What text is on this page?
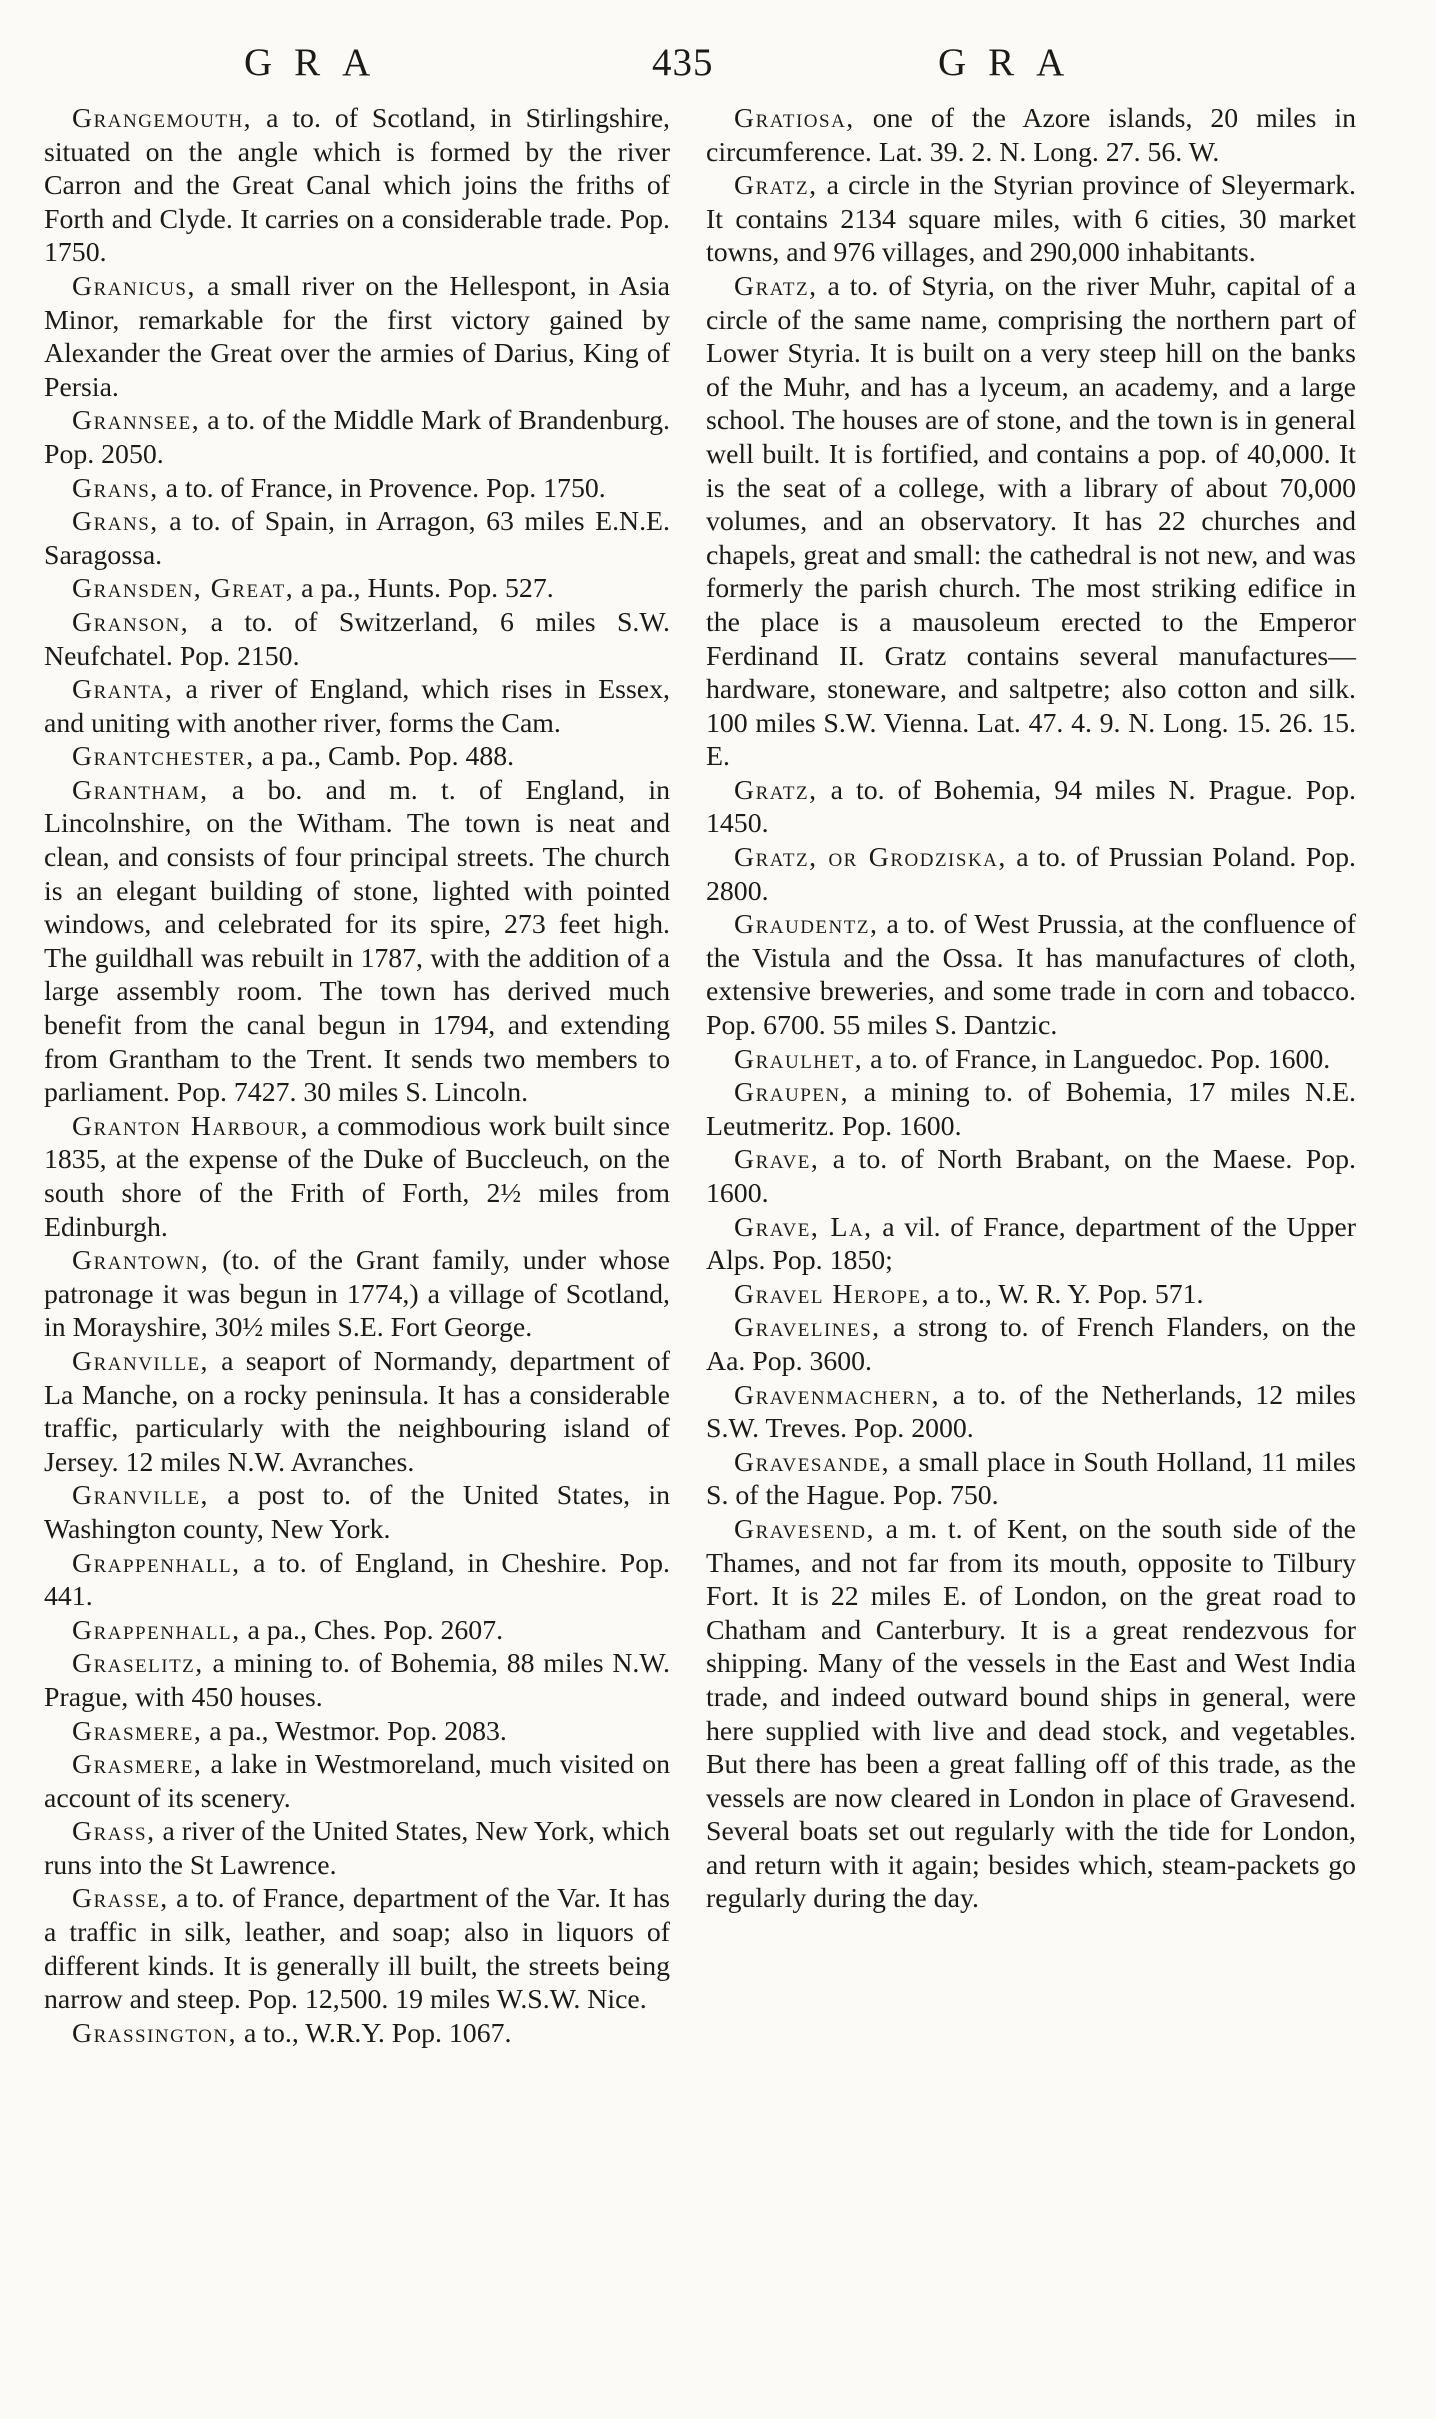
GRA	435	GRA

Grangemouth, a to. of Scotland, in Stirlingshire, situated on the angle which is formed by the river Carron and the Great Canal which joins the friths of Forth and Clyde. It carries on a considerable trade. Pop. 1750.

Granicus, a small river on the Hellespont, in Asia Minor, remarkable for the first victory gained by Alexander the Great over the armies of Darius, King of Persia.

Grannsee, a to. of the Middle Mark of Brandenburg. Pop. 2050.

Grans, a to. of France, in Provence. Pop. 1750.

Grans, a to. of Spain, in Arragon, 63 miles E.N.E. Saragossa.

Gransden, Great, a pa., Hunts. Pop. 527.

Granson, a to. of Switzerland, 6 miles S.W. Neufchatel. Pop. 2150.

Granta, a river of England, which rises in Essex, and uniting with another river, forms the Cam.

Grantchester, a pa., Camb. Pop. 488.

Grantham, a bo. and m. t. of England, in Lincolnshire, on the Witham. The town is neat and clean, and consists of four principal streets. The church is an elegant building of stone, lighted with pointed windows, and celebrated for its spire, 273 feet high. The guildhall was rebuilt in 1787, with the addition of a large assembly room. The town has derived much benefit from the canal begun in 1794, and extending from Grantham to the Trent. It sends two members to parliament. Pop. 7427. 30 miles S. Lincoln.

Granton Harbour, a commodious work built since 1835, at the expense of the Duke of Buccleuch, on the south shore of the Frith of Forth, 2½ miles from Edinburgh.

Grantown, (to. of the Grant family, under whose patronage it was begun in 1774,) a village of Scotland, in Morayshire, 30½ miles S.E. Fort George.

Granville, a seaport of Normandy, department of La Manche, on a rocky peninsula. It has a considerable traffic, particularly with the neighbouring island of Jersey. 12 miles N.W. Avranches.

Granville, a post to. of the United States, in Washington county, New York.

Grappenhall, a to. of England, in Cheshire. Pop. 441.

Grappenhall, a pa., Ches. Pop. 2607.

Graselitz, a mining to. of Bohemia, 88 miles N.W. Prague, with 450 houses.

Grasmere, a pa., Westmor. Pop. 2083.

Grasmere, a lake in Westmoreland, much visited on account of its scenery.

Grass, a river of the United States, New York, which runs into the St Lawrence.

Grasse, a to. of France, department of the Var. It has a traffic in silk, leather, and soap; also in liquors of different kinds. It is generally ill built, the streets being narrow and steep. Pop. 12,500. 19 miles W.S.W. Nice.

Grassington, a to., W.R.Y. Pop. 1067.

Gratiosa, one of the Azore islands, 20 miles in circumference. Lat. 39. 2. N. Long. 27. 56. W.

Gratz, a circle in the Styrian province of Sleyermark. It contains 2134 square miles, with 6 cities, 30 market towns, and 976 villages, and 290,000 inhabitants.

Gratz, a to. of Styria, on the river Muhr, capital of a circle of the same name, comprising the northern part of Lower Styria. It is built on a very steep hill on the banks of the Muhr, and has a lyceum, an academy, and a large school. The houses are of stone, and the town is in general well built. It is fortified, and contains a pop. of 40,000. It is the seat of a college, with a library of about 70,000 volumes, and an observatory. It has 22 churches and chapels, great and small: the cathedral is not new, and was formerly the parish church. The most striking edifice in the place is a mausoleum erected to the Emperor Ferdinand II. Gratz contains several manufactures—hardware, stoneware, and saltpetre; also cotton and silk. 100 miles S.W. Vienna. Lat. 47. 4. 9. N. Long. 15. 26. 15. E.

Gratz, a to. of Bohemia, 94 miles N. Prague. Pop. 1450.

Gratz, or Grodziska, a to. of Prussian Poland. Pop. 2800.

Graudentz, a to. of West Prussia, at the confluence of the Vistula and the Ossa. It has manufactures of cloth, extensive breweries, and some trade in corn and tobacco. Pop. 6700. 55 miles S. Dantzic.

Graulhet, a to. of France, in Languedoc. Pop. 1600.

Graupen, a mining to. of Bohemia, 17 miles N.E. Leutmeritz. Pop. 1600.

Grave, a to. of North Brabant, on the Maese. Pop. 1600.

Grave, La, a vil. of France, department of the Upper Alps. Pop. 1850;

Gravel Herope, a to., W. R. Y. Pop. 571.

Gravelines, a strong to. of French Flanders, on the Aa. Pop. 3600.

Gravenmachern, a to. of the Netherlands, 12 miles S.W. Treves. Pop. 2000.

Gravesande, a small place in South Holland, 11 miles S. of the Hague. Pop. 750.

Gravesend, a m. t. of Kent, on the south side of the Thames, and not far from its mouth, opposite to Tilbury Fort. It is 22 miles E. of London, on the great road to Chatham and Canterbury. It is a great rendezvous for shipping. Many of the vessels in the East and West India trade, and indeed outward bound ships in general, were here supplied with live and dead stock, and vegetables. But there has been a great falling off of this trade, as the vessels are now cleared in London in place of Gravesend. Several boats set out regularly with the tide for London, and return with it again; besides which, steam-packets go regularly during the day.
